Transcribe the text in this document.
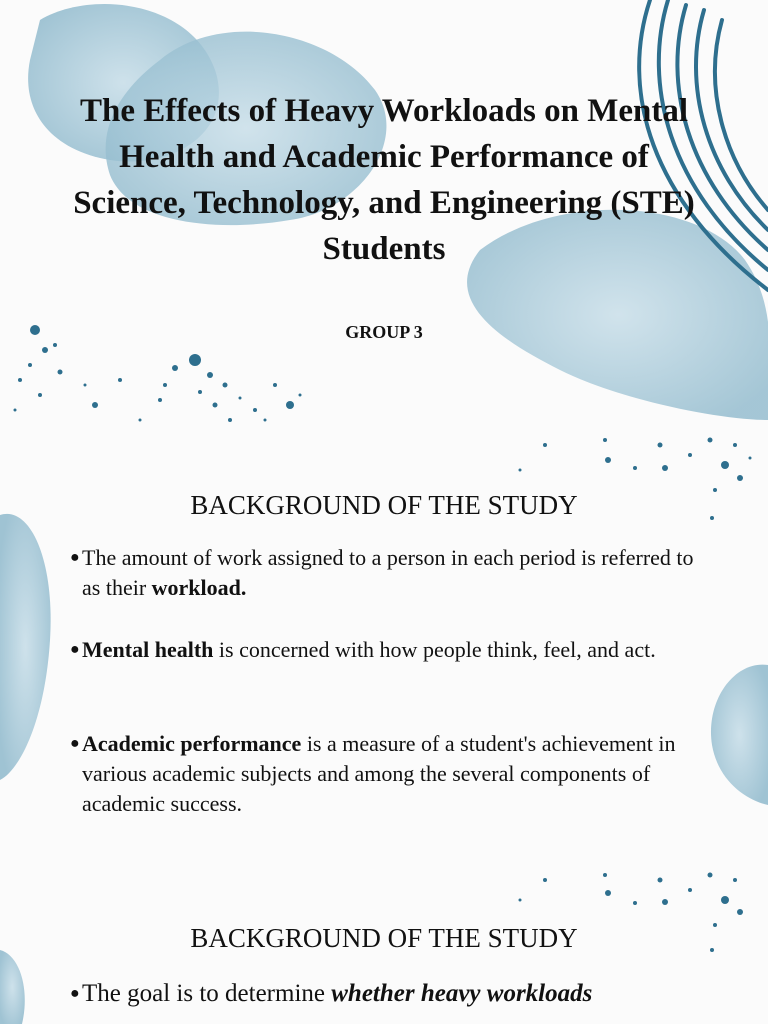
The Effects of Heavy Workloads on Mental Health and Academic Performance of Science, Technology, and Engineering (STE) Students
GROUP 3
BACKGROUND OF THE STUDY

● The amount of work assigned to a person in each period is referred to as their workload.

● Mental health is concerned with how people think, feel, and act.

● Academic performance is a measure of a student's achievement in various academic subjects and among the several components of academic success.

BACKGROUND OF THE STUDY

● The goal is to determine whether heavy workloads
